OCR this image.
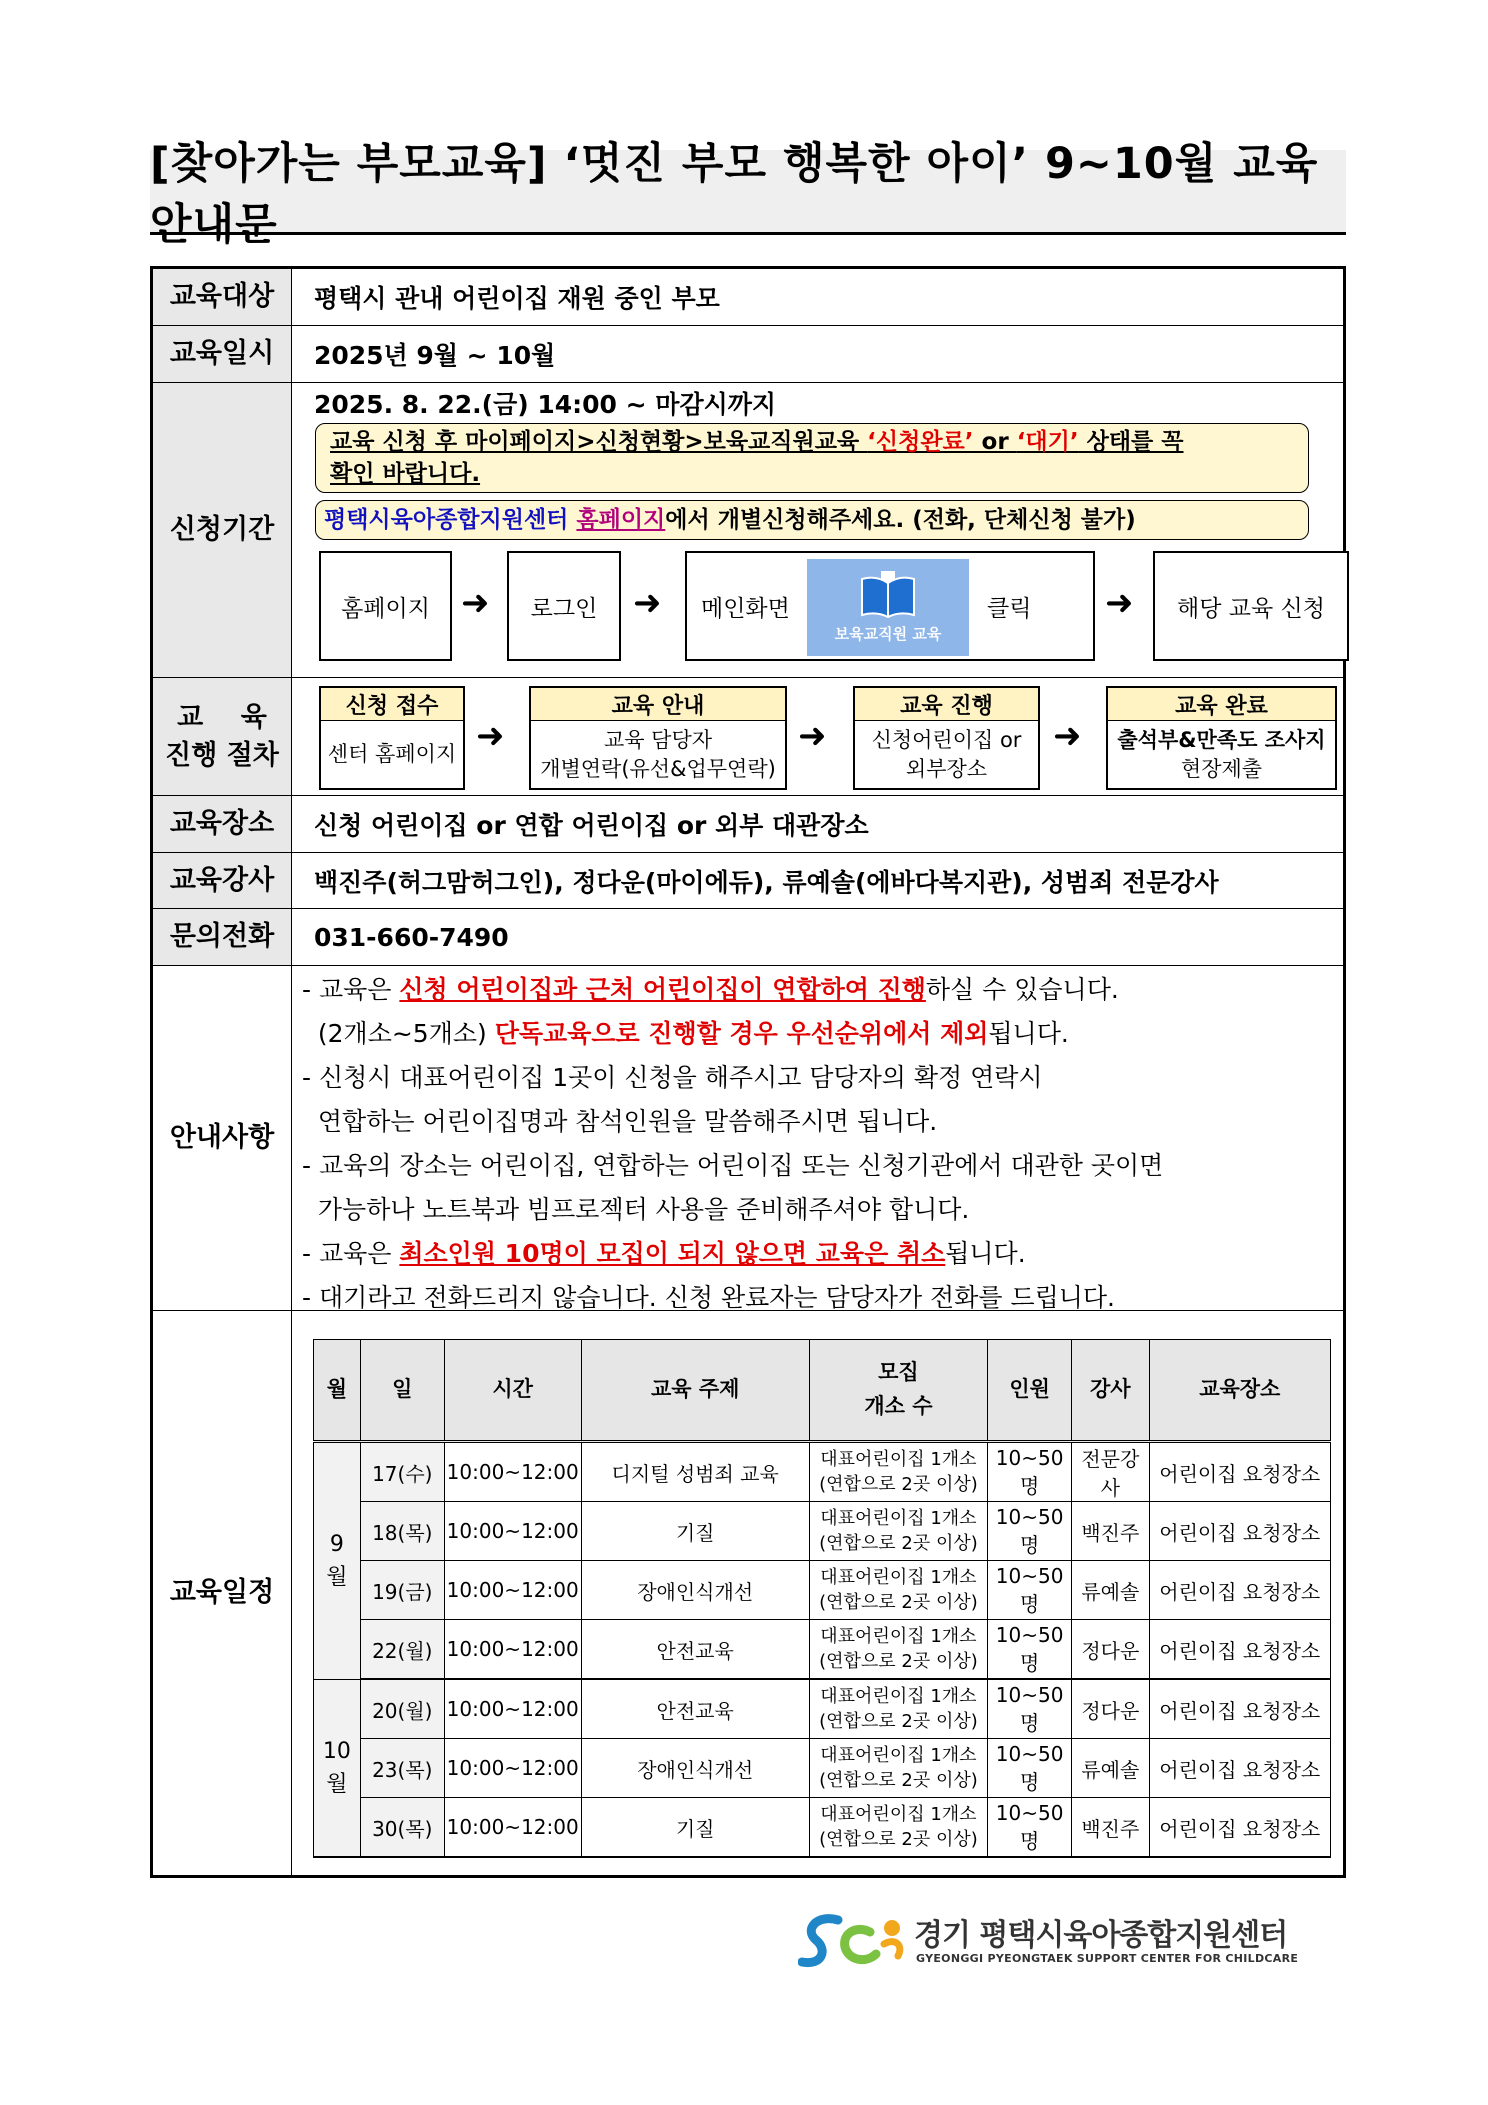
[찾아가는 부모교육] ‘멋진 부모 행복한 아이’ 9~10월 교육 안내문
교육대상	평택시 관내 어린이집 재원 중인 부모
교육일시	2025년 9월 ~ 10월
신청기간
2025. 8. 22.(금) 14:00 ~ 마감시까지
교육 신청 후 마이페이지>신청현황>보육교직원교육 ‘신청완료’ or ‘대기’ 상태를 꼭
확인 바랍니다.
평택시육아종합지원센터 홈페이지에서 개별신청해주세요. (전화, 단체신청 불가)
홈페이지 ➜	로그인	➜ 메인화면
보육교직원 교육
클릭 ➜	해당 교육 신청
교    육
진행 절차
신청 접수
센터 홈페이지 ➜
교육 안내
교육 담당자
개별연락(유선&업무연락)
➜
교육 진행
신청어린이집 or
외부장소
➜
교육 완료
출석부&만족도 조사지
현장제출
교육장소	신청 어린이집 or 연합 어린이집 or 외부 대관장소
교육강사	백진주(허그맘허그인), 정다운(마이에듀), 류예솔(에바다복지관), 성범죄 전문강사
문의전화	031-660-7490
안내사항

- 교육은 신청 어린이집과 근처 어린이집이 연합하여 진행하실 수 있습니다.

(2개소~5개소) 단독교육으로 진행할 경우 우선순위에서 제외됩니다.

- 신청시 대표어린이집 1곳이 신청을 해주시고 담당자의 확정 연락시

연합하는 어린이집명과 참석인원을 말씀해주시면 됩니다.

- 교육의 장소는 어린이집, 연합하는 어린이집 또는 신청기관에서 대관한 곳이면

가능하나 노트북과 빔프로젝터 사용을 준비해주셔야 합니다.

- 교육은 최소인원 10명이 모집이 되지 않으면 교육은 취소됩니다.

- 대기라고 전화드리지 않습니다. 신청 완료자는 담당자가 전화를 드립니다.

교육일정
월	일	시간	교육 주제	모집
개소 수	인원	강사	교육장소
9
월	17(수)	10:00~12:00	디지털 성범죄 교육	대표어린이집 1개소
(연합으로 2곳 이상)	10~50명	전문강사	어린이집 요청장소
	18(목)	10:00~12:00	기질	대표어린이집 1개소
(연합으로 2곳 이상)	10~50명	백진주	어린이집 요청장소
	19(금)	10:00~12:00	장애인식개선	대표어린이집 1개소
(연합으로 2곳 이상)	10~50명	류예솔	어린이집 요청장소
	22(월)	10:00~12:00	안전교육	대표어린이집 1개소
(연합으로 2곳 이상)	10~50명	정다운	어린이집 요청장소
10
월	20(월)	10:00~12:00	안전교육	대표어린이집 1개소
(연합으로 2곳 이상)	10~50명	정다운	어린이집 요청장소
	23(목)	10:00~12:00	장애인식개선	대표어린이집 1개소
(연합으로 2곳 이상)	10~50명	류예솔	어린이집 요청장소
	30(목)	10:00~12:00	기질	대표어린이집 1개소
(연합으로 2곳 이상)	10~50명	백진주	어린이집 요청장소
경기 평택시육아종합지원센터
GYEONGGI PYEONGTAEK SUPPORT CENTER FOR CHILDCARE
